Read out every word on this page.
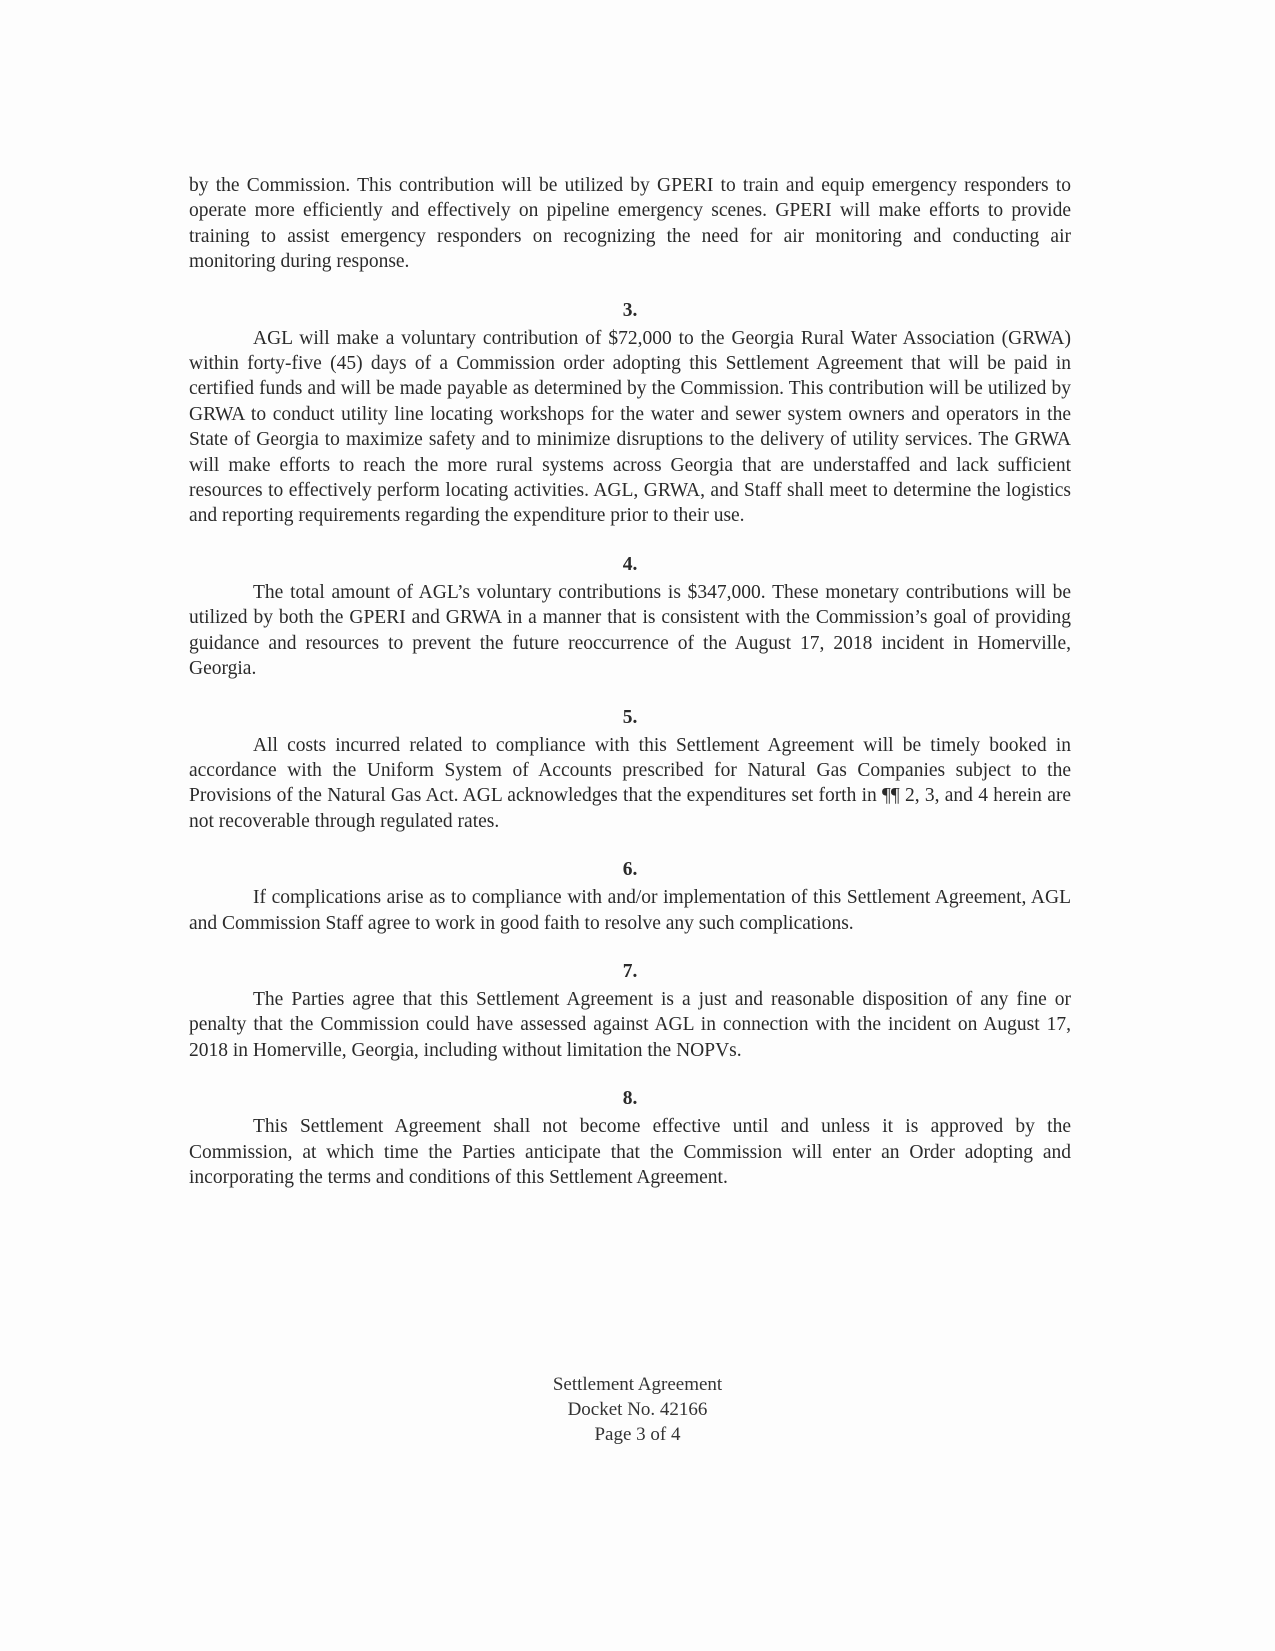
by the Commission. This contribution will be utilized by GPERI to train and equip emergency responders to operate more efficiently and effectively on pipeline emergency scenes. GPERI will make efforts to provide training to assist emergency responders on recognizing the need for air monitoring and conducting air monitoring during response.

3.

AGL will make a voluntary contribution of $72,000 to the Georgia Rural Water Association (GRWA) within forty-five (45) days of a Commission order adopting this Settlement Agreement that will be paid in certified funds and will be made payable as determined by the Commission. This contribution will be utilized by GRWA to conduct utility line locating workshops for the water and sewer system owners and operators in the State of Georgia to maximize safety and to minimize disruptions to the delivery of utility services. The GRWA will make efforts to reach the more rural systems across Georgia that are understaffed and lack sufficient resources to effectively perform locating activities. AGL, GRWA, and Staff shall meet to determine the logistics and reporting requirements regarding the expenditure prior to their use.

4.

The total amount of AGL’s voluntary contributions is $347,000. These monetary contributions will be utilized by both the GPERI and GRWA in a manner that is consistent with the Commission’s goal of providing guidance and resources to prevent the future reoccurrence of the August 17, 2018 incident in Homerville, Georgia.

5.

All costs incurred related to compliance with this Settlement Agreement will be timely booked in accordance with the Uniform System of Accounts prescribed for Natural Gas Companies subject to the Provisions of the Natural Gas Act. AGL acknowledges that the expenditures set forth in ¶¶ 2, 3, and 4 herein are not recoverable through regulated rates.

6.

If complications arise as to compliance with and/or implementation of this Settlement Agreement, AGL and Commission Staff agree to work in good faith to resolve any such complications.

7.

The Parties agree that this Settlement Agreement is a just and reasonable disposition of any fine or penalty that the Commission could have assessed against AGL in connection with the incident on August 17, 2018 in Homerville, Georgia, including without limitation the NOPVs.

8.

This Settlement Agreement shall not become effective until and unless it is approved by the Commission, at which time the Parties anticipate that the Commission will enter an Order adopting and incorporating the terms and conditions of this Settlement Agreement.

Settlement Agreement
Docket No. 42166
Page 3 of 4
